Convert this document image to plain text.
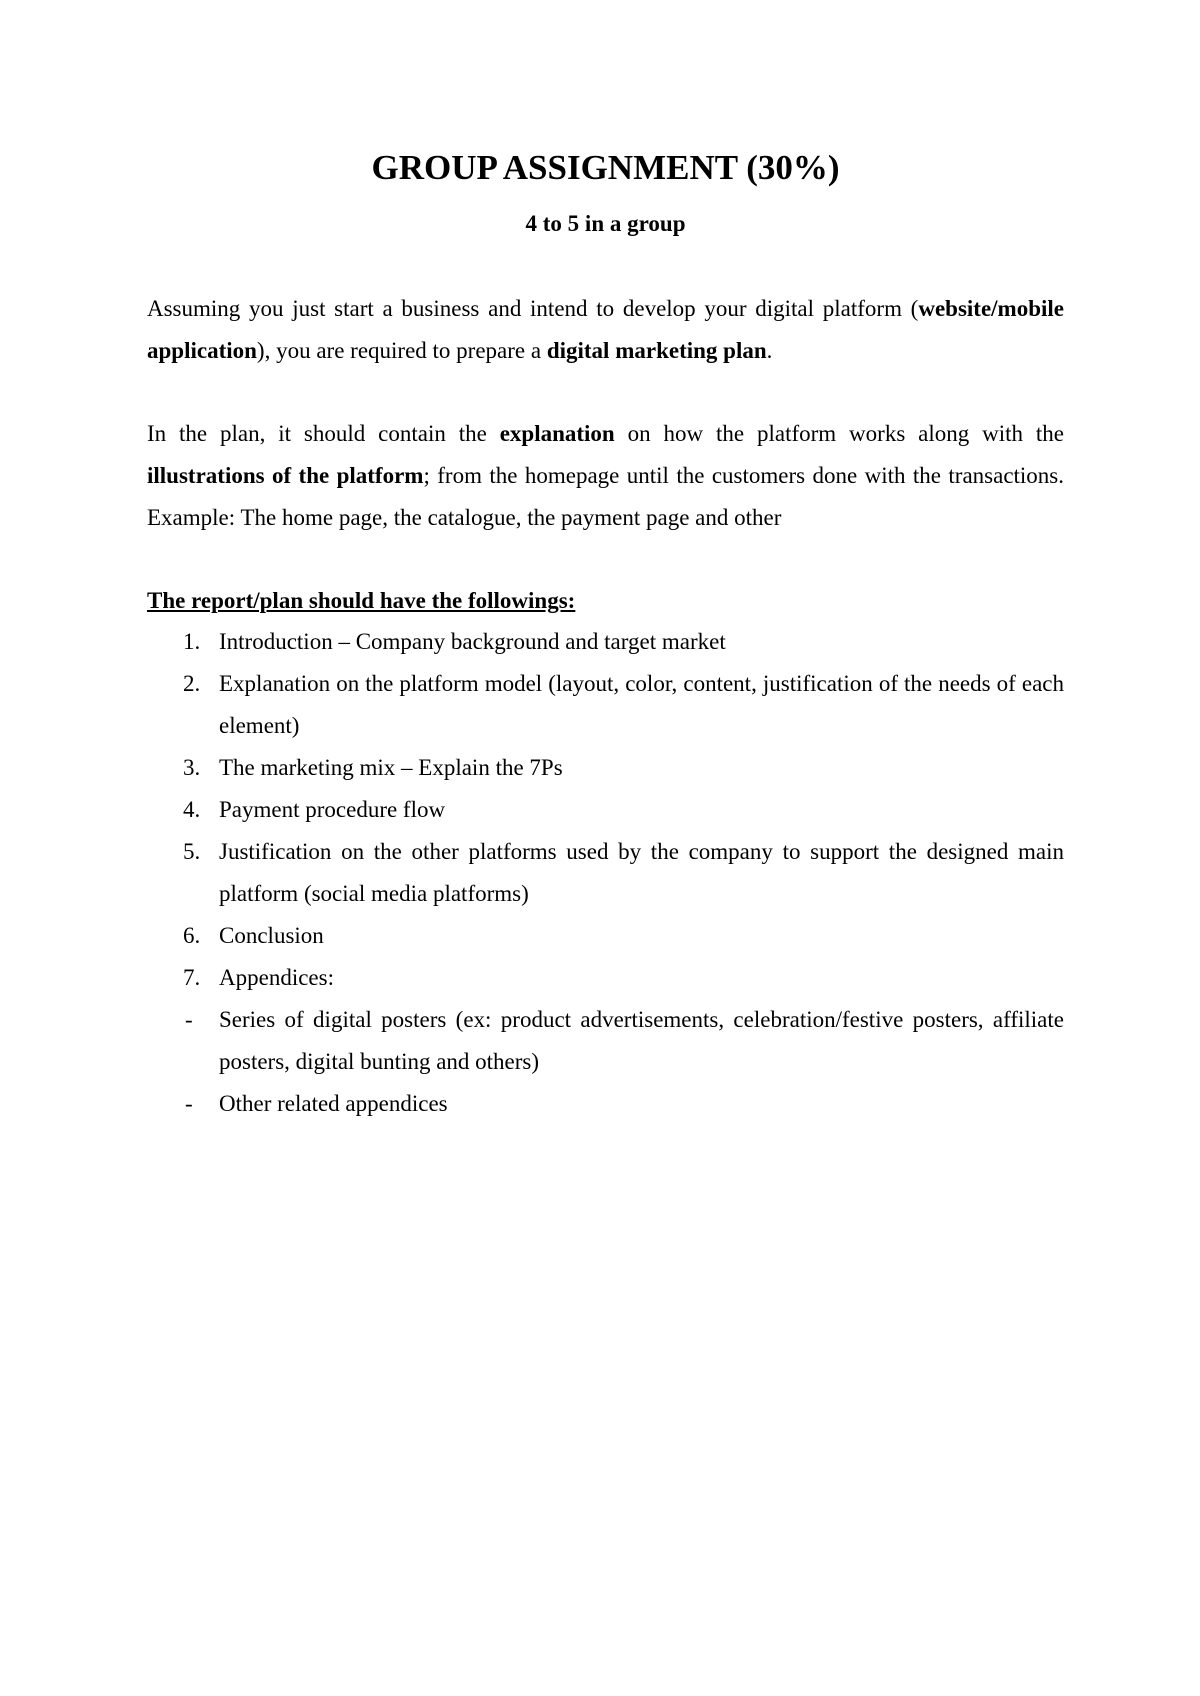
GROUP ASSIGNMENT (30%)
4 to 5 in a group

Assuming you just start a business and intend to develop your digital platform (website/mobile application), you are required to prepare a digital marketing plan.

In the plan, it should contain the explanation on how the platform works along with the illustrations of the platform; from the homepage until the customers done with the transactions. Example: The home page, the catalogue, the payment page and other

The report/plan should have the followings:
1. Introduction – Company background and target market
2. Explanation on the platform model (layout, color, content, justification of the needs of each element)
3. The marketing mix – Explain the 7Ps
4. Payment procedure flow
5. Justification on the other platforms used by the company to support the designed main platform (social media platforms)
6. Conclusion
7. Appendices:
- Series of digital posters (ex: product advertisements, celebration/festive posters, affiliate posters, digital bunting and others)
- Other related appendices
